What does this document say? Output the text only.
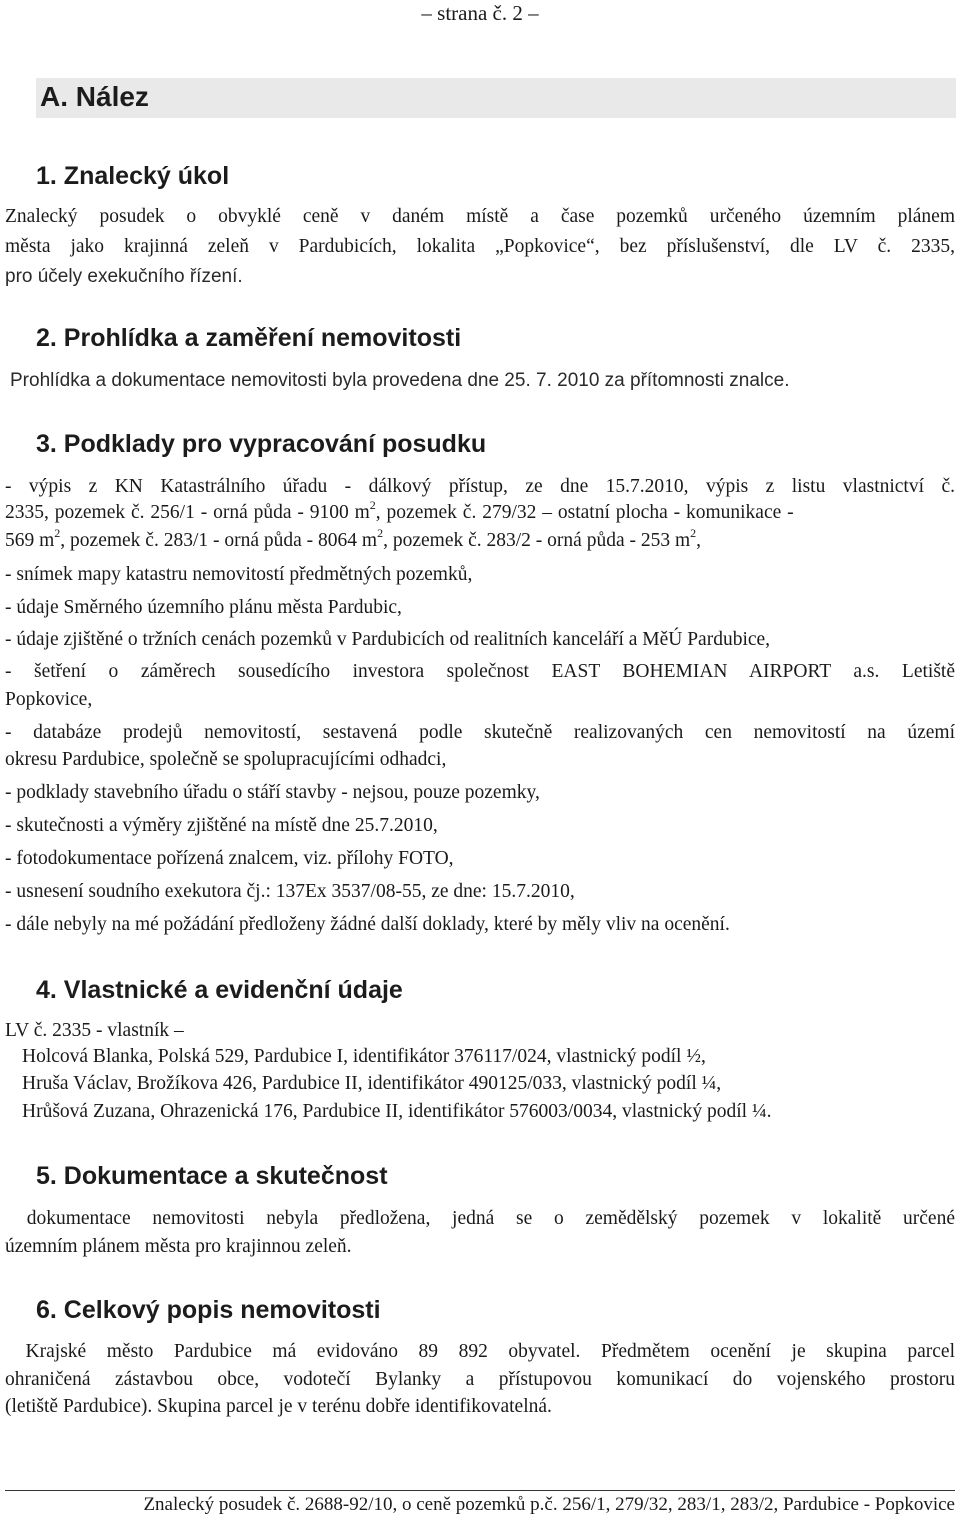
– strana č. 2 –
A. Nález
1. Znalecký úkol

Znalecký posudek o obvyklé ceně v daném místě a čase pozemků určeného územním plánem

města jako krajinná zeleň v Pardubicích, lokalita „Popkovice“, bez příslušenství, dle LV č. 2335,

pro účely exekučního řízení.

2. Prohlídka a zaměření nemovitosti

Prohlídka a dokumentace nemovitosti byla provedena dne 25. 7. 2010 za přítomnosti znalce.

3. Podklady pro vypracování posudku

- výpis z KN Katastrálního úřadu - dálkový přístup, ze dne 15.7.2010, výpis z listu vlastnictví č.

2335, pozemek č. 256/1 - orná půda - 9100 $m^2$, pozemek č. 279/32 – ostatní plocha - komunikace -

569 $m^2$, pozemek č. 283/1 - orná půda - 8064 $m^2$, pozemek č. 283/2 - orná půda - 253 $m^2$,

- snímek mapy katastru nemovitostí předmětných pozemků,

- údaje Směrného územního plánu města Pardubic,

- údaje zjištěné o tržních cenách pozemků v Pardubicích od realitních kanceláří a MěÚ Pardubice,

- šetření o záměrech sousedícího investora společnost EAST BOHEMIAN AIRPORT a.s. Letiště

Popkovice,

- databáze prodejů nemovitostí, sestavená podle skutečně realizovaných cen nemovitostí na území

okresu Pardubice, společně se spolupracujícími odhadci,

- podklady stavebního úřadu o stáří stavby - nejsou, pouze pozemky,

- skutečnosti a výměry zjištěné na místě dne 25.7.2010,

- fotodokumentace pořízená znalcem, viz. přílohy FOTO,

- usnesení soudního exekutora čj.: 137Ex 3537/08-55, ze dne: 15.7.2010,

- dále nebyly na mé požádání předloženy žádné další doklady, které by měly vliv na ocenění.

4. Vlastnické a evidenční údaje

LV č. 2335 - vlastník –

Holcová Blanka, Polská 529, Pardubice I, identifikátor 376117/024, vlastnický podíl ½,

Hruša Václav, Brožíkova 426, Pardubice II, identifikátor 490125/033, vlastnický podíl ¼,

Hrůšová Zuzana, Ohrazenická 176, Pardubice II, identifikátor 576003/0034, vlastnický podíl ¼.

5. Dokumentace a skutečnost

dokumentace nemovitosti nebyla předložena, jedná se o zemědělský pozemek v lokalitě určené

územním plánem města pro krajinnou zeleň.

6. Celkový popis nemovitosti

Krajské město Pardubice má evidováno 89 892 obyvatel. Předmětem ocenění je skupina parcel

ohraničená zástavbou obce, vodotečí Bylanky a přístupovou komunikací do vojenského prostoru

(letiště Pardubice). Skupina parcel je v terénu dobře identifikovatelná.

Znalecký posudek č. 2688-92/10, o ceně pozemků p.č. 256/1, 279/32, 283/1, 283/2, Pardubice - Popkovice
